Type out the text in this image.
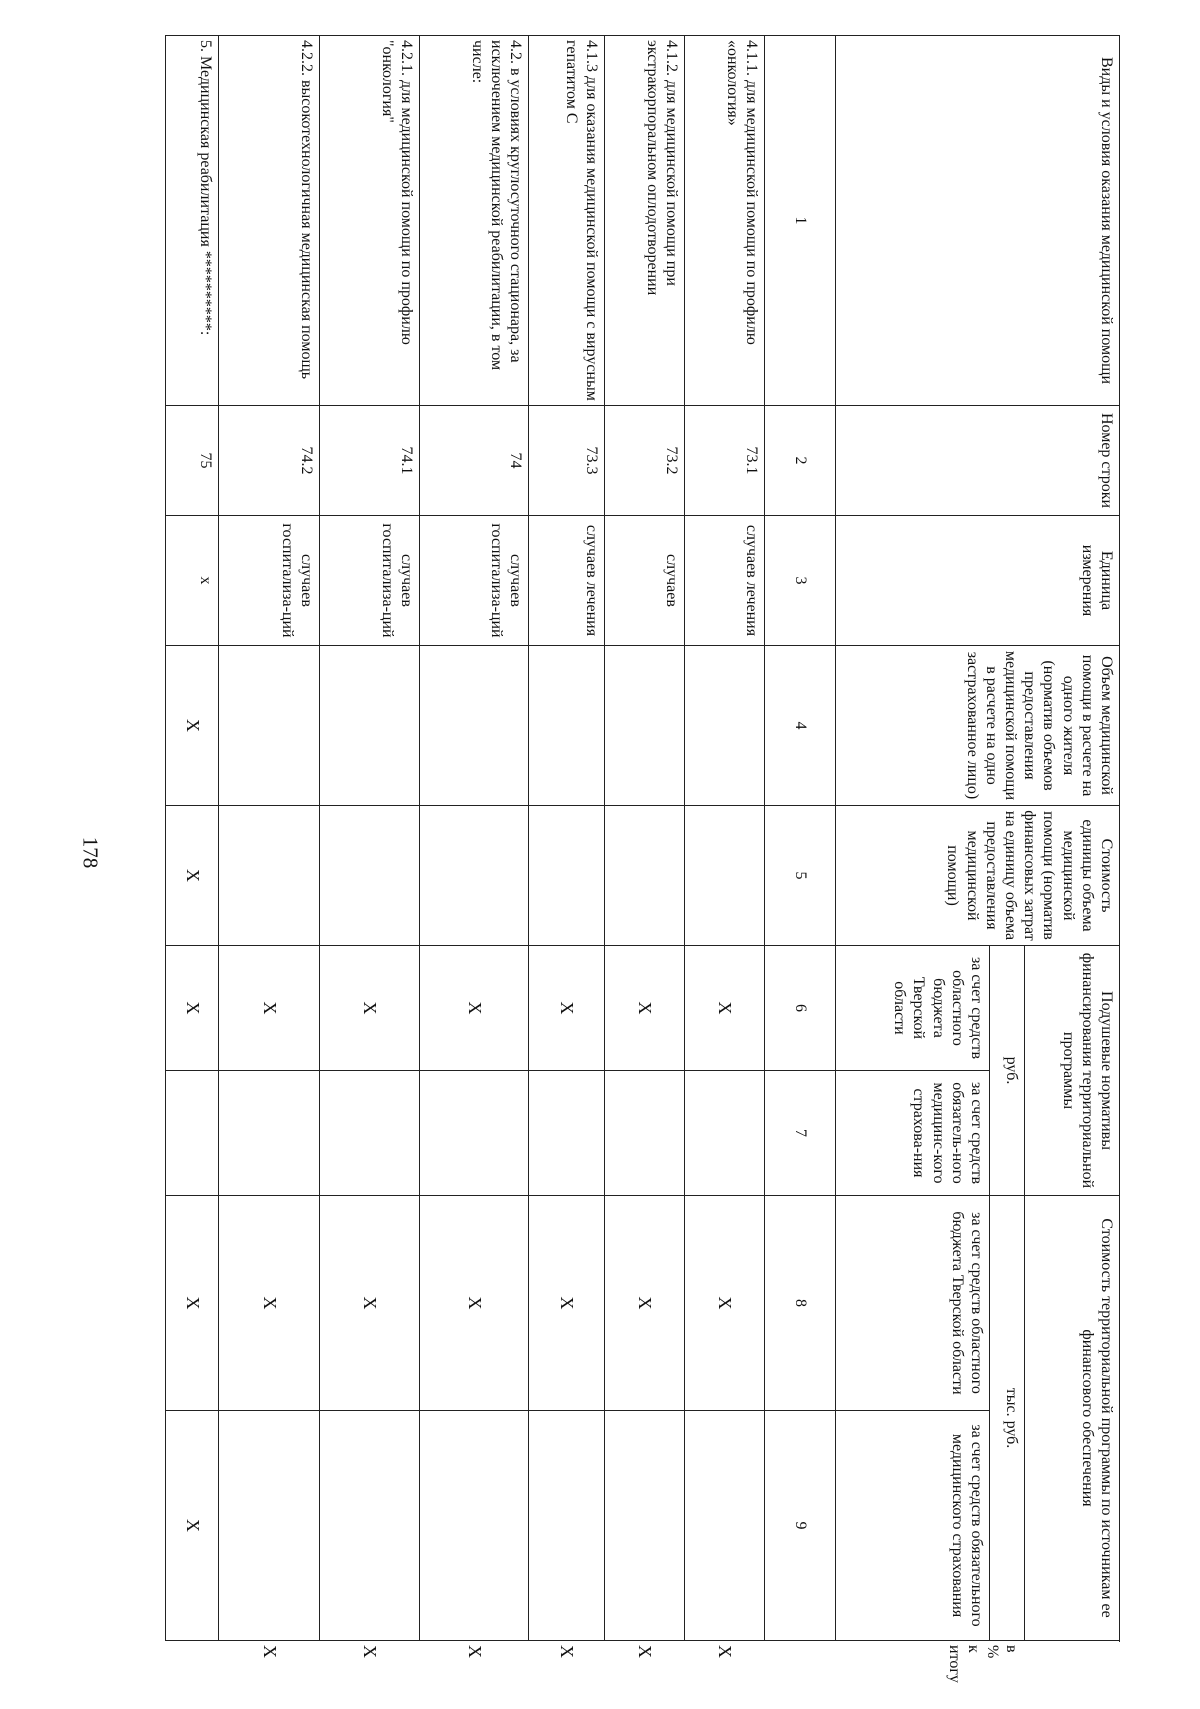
178
Виды и условия оказания медицинской помощи	Номер строки	Единица измерения	Объем медицинской помощи в расчете на одного жителя (норматив объемов предоставления медицинской помощи в расчете на одно застрахованное лицо)	Стоимость единицы объема медицинской помощи (норматив финансовых затрат на единицу объема предоставления медицинской помощи)	Подушевые нормативы финансирования территориальной программы		Стоимость территориальной программы по источникам ее финансового обеспечения		
					руб.		тыс. руб.		в % к итогу
					за счет средств областного бюджета Тверской области	за счет средств обязатель-ного медицинс-кого страхова-ния	за счет средств областного бюджета Тверской области	за счет средств обязательного медицинского страхования	
1	2	3	4	5	6	7	8	9	
4.1.1. для медицинской помощи по профилю «онкология»	73.1	случаев лечения			X		X		X
4.1.2. для медицинской помощи при экстракорпоральном оплодотворении	73.2	случаев			X		X		X
4.1.3 для оказания медицинской помощи с вирусным гепатитом С	73.3	случаев лечения			X		X		X
4.2. в условиях круглосуточного стационара, за исключением медицинской реабилитации, в том числе:	74	случаев госпитализа-ций			X		X		X
4.2.1. для медицинской помощи по профилю "онкология"	74.1	случаев госпитализа-ций			X		X		X
4.2.2. высокотехнологичная медицинская помощь	74.2	случаев госпитализа-ций			X		X		X
5. Медицинская реабилитация **********:	75	x	X	X	X		X	X	
